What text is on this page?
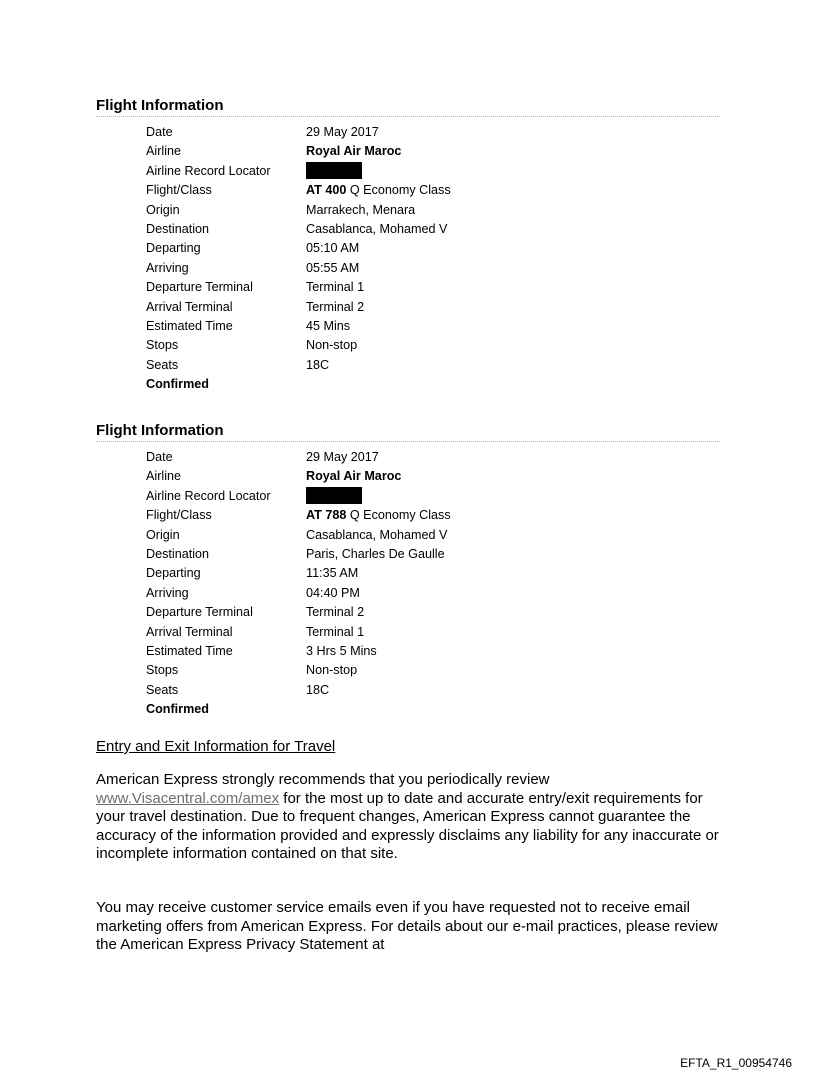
Flight Information
Date	29 May 2017
Airline	Royal Air Maroc
Airline Record Locator
Flight/Class	AT 400 Q Economy Class
Origin	Marrakech, Menara
Destination	Casablanca, Mohamed V
Departing	05:10 AM
Arriving	05:55 AM
Departure Terminal	Terminal 1
Arrival Terminal	Terminal 2
Estimated Time	45 Mins
Stops	Non-stop
Seats	18C
Confirmed
Flight Information
Date	29 May 2017
Airline	Royal Air Maroc
Airline Record Locator
Flight/Class	AT 788 Q Economy Class
Origin	Casablanca, Mohamed V
Destination	Paris, Charles De Gaulle
Departing	11:35 AM
Arriving	04:40 PM
Departure Terminal	Terminal 2
Arrival Terminal	Terminal 1
Estimated Time	3 Hrs 5 Mins
Stops	Non-stop
Seats	18C
Confirmed
Entry and Exit Information for Travel
American Express strongly recommends that you periodically review www.Visacentral.com/amex for the most up to date and accurate entry/exit requirements for your travel destination. Due to frequent changes, American Express cannot guarantee the accuracy of the information provided and expressly disclaims any liability for any inaccurate or incomplete information contained on that site.
You may receive customer service emails even if you have requested not to receive email marketing offers from American Express. For details about our e-mail practices, please review the American Express Privacy Statement at
EFTA_R1_00954746
